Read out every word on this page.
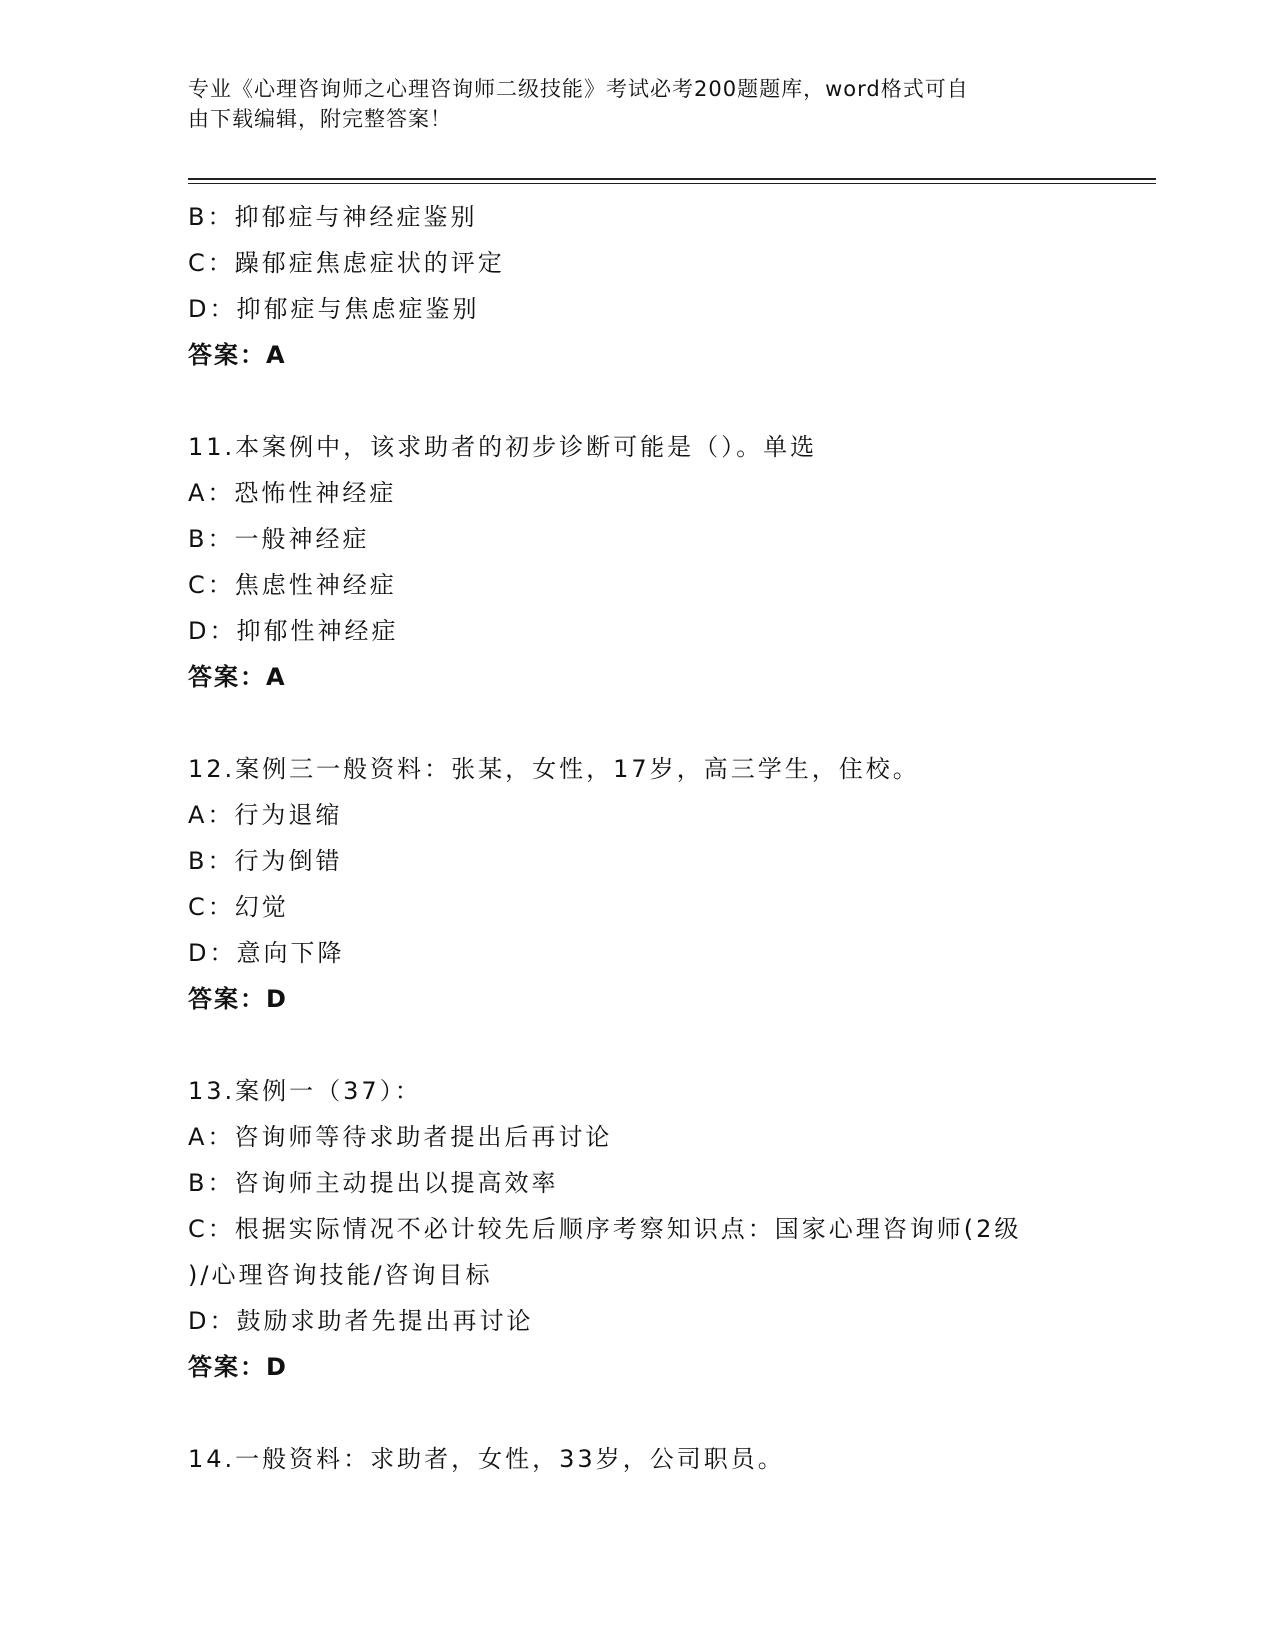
专业《心理咨询师之心理咨询师二级技能》考试必考200题题库，word格式可自
由下载编辑，附完整答案！
B：抑郁症与神经症鉴别
C：躁郁症焦虑症状的评定
D：抑郁症与焦虑症鉴别
答案：A
11.本案例中，该求助者的初步诊断可能是（）。单选
A：恐怖性神经症
B：一般神经症
C：焦虑性神经症
D：抑郁性神经症
答案：A
12.案例三一般资料：张某，女性，17岁，高三学生，住校。
A：行为退缩
B：行为倒错
C：幻觉
D：意向下降
答案：D
13.案例一（37）：
A：咨询师等待求助者提出后再讨论
B：咨询师主动提出以提高效率
C：根据实际情况不必计较先后顺序考察知识点：国家心理咨询师(2级
)/心理咨询技能/咨询目标
D：鼓励求助者先提出再讨论
答案：D
14.一般资料：求助者，女性，33岁，公司职员。
